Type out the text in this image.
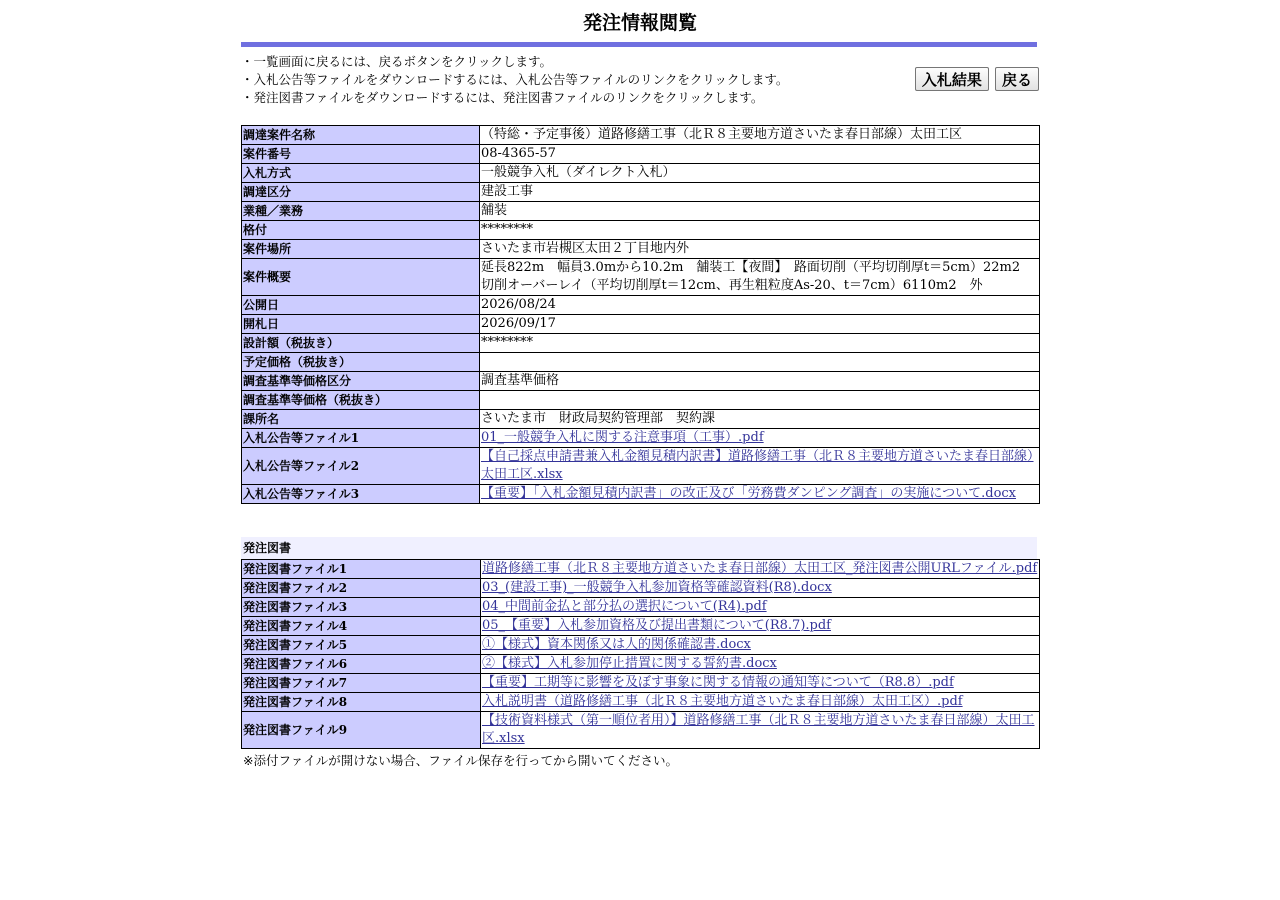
発注情報閲覧
・一覧画面に戻るには、戻るボタンをクリックします。
・入札公告等ファイルをダウンロードするには、入札公告等ファイルのリンクをクリックします。
・発注図書ファイルをダウンロードするには、発注図書ファイルのリンクをクリックします。
入札結果 戻る
調達案件名称	（特総・予定事後）道路修繕工事（北Ｒ８主要地方道さいたま春日部線）太田工区
案件番号	08-4365-57
入札方式	一般競争入札（ダイレクト入札）
調達区分	建設工事
業種／業務	舗装
格付	********
案件場所	さいたま市岩槻区太田２丁目地内外
案件概要	延長822m　幅員3.0mから10.2m　舗装工【夜間】　路面切削（平均切削厚t＝5cm）22m2　切削オーバーレイ（平均切削厚t＝12cm、再生粗粒度As-20、t＝7cm）6110m2　外
公開日	2026/08/24
開札日	2026/09/17
設計額（税抜き）	********
予定価格（税抜き）	
調査基準等価格区分	調査基準価格
調査基準等価格（税抜き）	
課所名	さいたま市　財政局契約管理部　契約課
入札公告等ファイル1	01_一般競争入札に関する注意事項（工事）.pdf
入札公告等ファイル2	【自己採点申請書兼入札金額見積内訳書】道路修繕工事（北Ｒ８主要地方道さいたま春日部線）太田工区.xlsx
入札公告等ファイル3	【重要】「入札金額見積内訳書」の改正及び「労務費ダンピング調査」の実施について.docx
発注図書
発注図書ファイル1	道路修繕工事（北Ｒ８主要地方道さいたま春日部線）太田工区_発注図書公開URLファイル.pdf
発注図書ファイル2	03_(建設工事)_一般競争入札参加資格等確認資料(R8).docx
発注図書ファイル3	04_中間前金払と部分払の選択について(R4).pdf
発注図書ファイル4	05_【重要】入札参加資格及び提出書類について(R8.7).pdf
発注図書ファイル5	①【様式】資本関係又は人的関係確認書.docx
発注図書ファイル6	②【様式】入札参加停止措置に関する誓約書.docx
発注図書ファイル7	【重要】工期等に影響を及ぼす事象に関する情報の通知等について（R8.8）.pdf
発注図書ファイル8	入札説明書（道路修繕工事（北Ｒ８主要地方道さいたま春日部線）太田工区）.pdf
発注図書ファイル9	【技術資料様式（第一順位者用）】道路修繕工事（北Ｒ８主要地方道さいたま春日部線）太田工区.xlsx
※添付ファイルが開けない場合、ファイル保存を行ってから開いてください。
